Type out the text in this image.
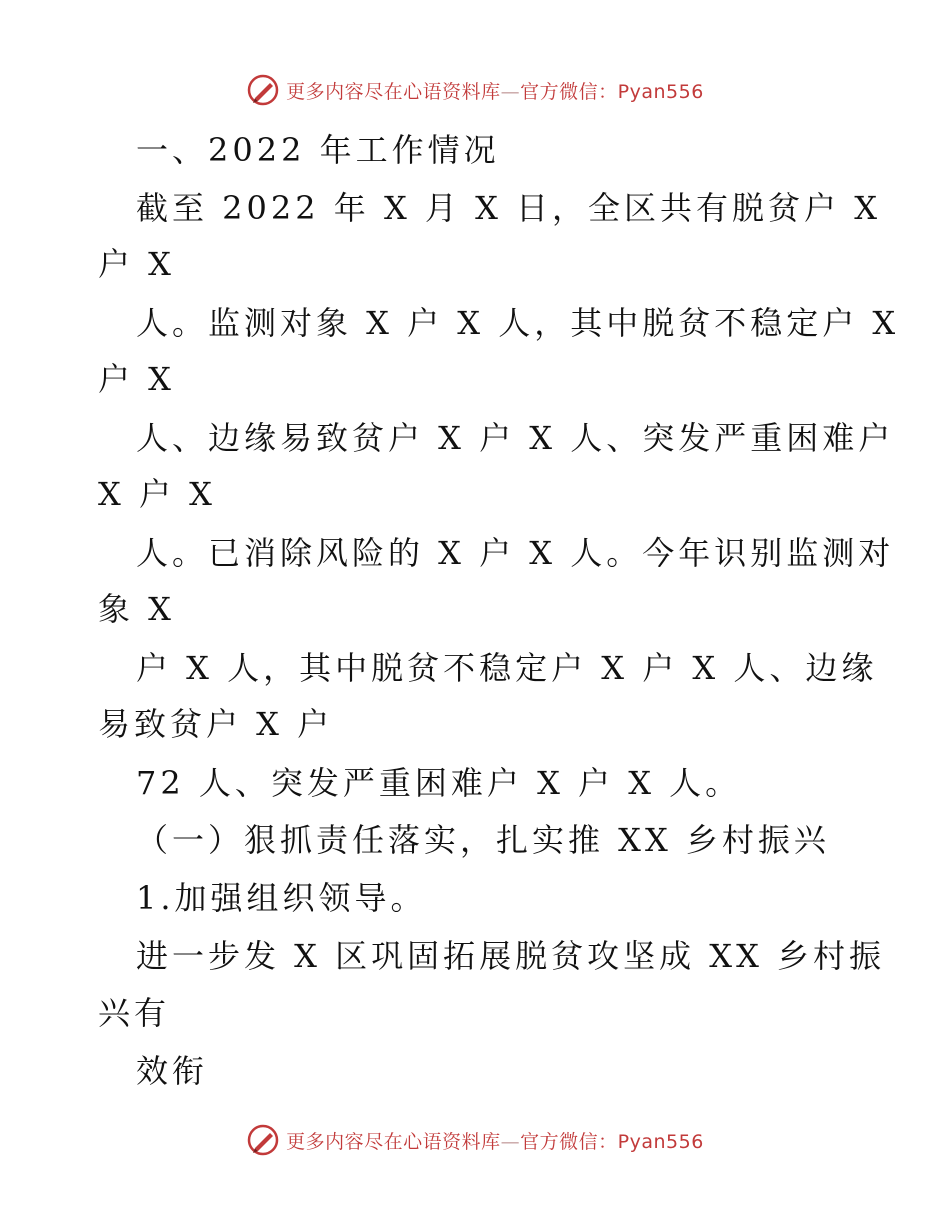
更多内容尽在心语资料库—官方微信：Pyan556
一、2022 年工作情况
截至 2022 年 X 月 X 日，全区共有脱贫户 X
户 X
人。监测对象 X 户 X 人，其中脱贫不稳定户 X
户 X
人、边缘易致贫户 X 户 X 人、突发严重困难户
X 户 X
人。已消除风险的 X 户 X 人。今年识别监测对
象 X
户 X 人，其中脱贫不稳定户 X 户 X 人、边缘
易致贫户 X 户
72 人、突发严重困难户 X 户 X 人。
（一）狠抓责任落实，扎实推 XX 乡村振兴
1.加强组织领导。
进一步发 X 区巩固拓展脱贫攻坚成 XX 乡村振
兴有
效衔
更多内容尽在心语资料库—官方微信：Pyan556
